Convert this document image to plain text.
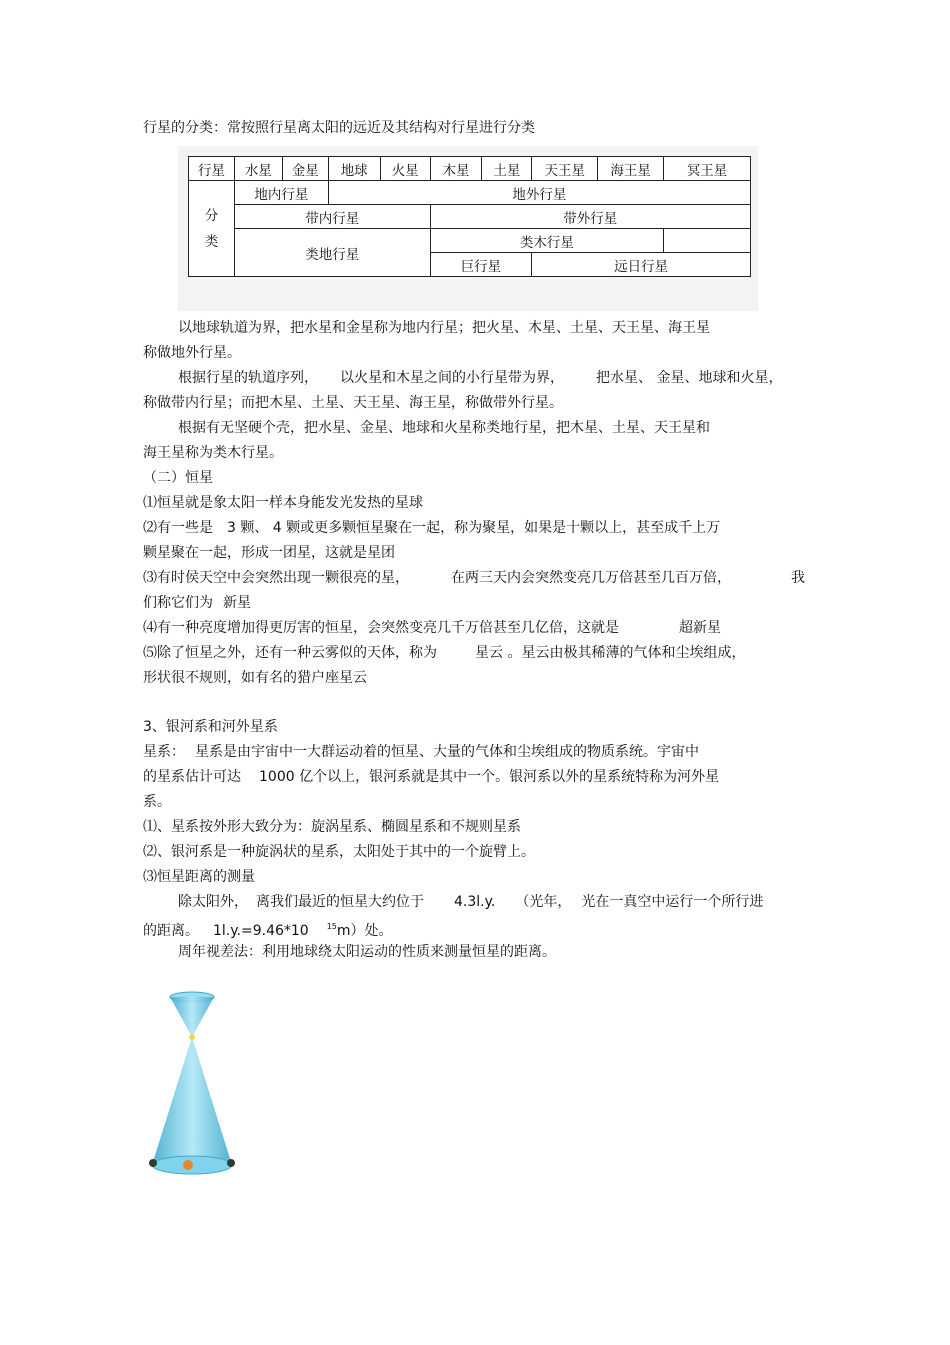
行星的分类：常按照行星离太阳的远近及其结构对行星进行分类
行星	水星	金星	地球	火星	木星	土星	天王星	海王星	冥王星

分
类	地内行星		地外行星						
	带内行星				带外行星				
	类地行星				类木行星				
					巨行星		远日行星		
以地球轨道为界，把水星和金星称为地内行星；把火星、木星、土星、天王星、海王星
称做地外行星。
根据行星的轨道序列， 以火星和木星之间的小行星带为界， 把水星、 金星、地球和火星，
称做带内行星；而把木星、土星、天王星、海王星，称做带外行星。
根据有无坚硬个壳，把水星、金星、地球和火星称类地行星，把木星、土星、天王星和
海王星称为类木行星。
（二）恒星
⑴恒星就是象太阳一样本身能发光发热的星球
⑵有一些是 3 颗、 4 颗或更多颗恒星聚在一起，称为聚星，如果是十颗以上，甚至成千上万
颗星聚在一起，形成一团星，这就是星团
⑶有时侯天空中会突然出现一颗很亮的星，	在两三天内会突然变亮几万倍甚至几百万倍，	我
们称它们为 新星
⑷有一种亮度增加得更厉害的恒星，会突然变亮几千万倍甚至几亿倍，这就是	超新星
⑸除了恒星之外，还有一种云雾似的天体，称为	星云 。星云由极其稀薄的气体和尘埃组成，
形状很不规则，如有名的猎户座星云
3、银河系和河外星系
星系： 星系是由宇宙中一大群运动着的恒星、大量的气体和尘埃组成的物质系统。宇宙中
的星系估计可达 1000 亿个以上，银河系就是其中一个。银河系以外的星系统特称为河外星
系。
⑴、星系按外形大致分为：旋涡星系、椭圆星系和不规则星系
⑵、银河系是一种旋涡状的星系，太阳处于其中的一个旋臂上。
⑶恒星距离的测量
除太阳外， 离我们最近的恒星大约位于 4.3l.y. （光年， 光在一真空中运行一个所行进
的距离。 1l.y.=9.46*10 $^{15}$m）处。
周年视差法：利用地球绕太阳运动的性质来测量恒星的距离。
